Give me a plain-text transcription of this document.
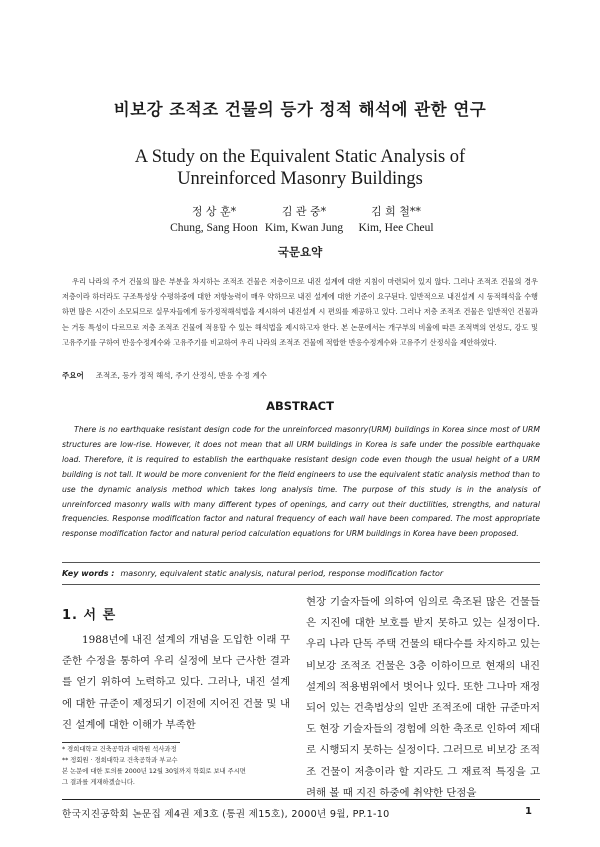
비보강 조적조 건물의 등가 정적 해석에 관한 연구
A Study on the Equivalent Static Analysis of
Unreinforced Masonry Buildings
정 상 훈*
Chung, Sang Hoon
김 관 중*
Kim, Kwan Jung
김 희 철**
Kim, Hee Cheul
국문요약

우리 나라의 주거 건물의 많은 부분을 차지하는 조적조 건물은 저층이므로 내진 설계에 대한 지침이 마련되어 있지 않다. 그러나 조적조 건물의 경우 저층이라 하더라도 구조특성상 수평하중에 대한 저항능력이 매우 약하므로 내진 설계에 대한 기준이 요구된다. 일반적으로 내진설계 시 동적해석을 수행하면 많은 시간이 소모되므로 실무자들에게 등가정적해석법을 제시하여 내진설계 시 편의를 제공하고 있다. 그러나 저층 조적조 건물은 일반적인 건물과는 거동 특성이 다르므로 저층 조적조 건물에 적용할 수 있는 해석법을 제시하고자 한다. 본 논문에서는 개구부의 비율에 따른 조적벽의 연성도, 강도 및 고유주기를 구하여 반응수정계수와 고유주기를 비교하여 우리 나라의 조적조 건물에 적합한 반응수정계수와 고유주기 산정식을 제안하였다.

주요어 조적조, 등가 정적 해석, 주기 산정식, 반응 수정 계수
ABSTRACT

There is no earthquake resistant design code for the unreinforced masonry(URM) buildings in Korea since most of URM structures are low-rise. However, it does not mean that all URM buildings in Korea is safe under the possible earthquake load. Therefore, it is required to establish the earthquake resistant design code even though the usual height of a URM building is not tall. It would be more convenient for the field engineers to use the equivalent static analysis method than to use the dynamic analysis method which takes long analysis time. The purpose of this study is in the analysis of unreinforced masonry walls with many different types of openings, and carry out their ductilities, strengths, and natural frequencies. Response modification factor and natural frequency of each wall have been compared. The most appropriate response modification factor and natural period calculation equations for URM buildings in Korea have been proposed.

Key words : masonry, equivalent static analysis, natural period, response modification factor
1. 서 론

1988년에 내진 설계의 개념을 도입한 이래 꾸준한 수정을 통하여 우리 실정에 보다 근사한 결과를 얻기 위하여 노력하고 있다. 그러나, 내진 설계에 대한 규준이 제정되기 이전에 지어진 건물 및 내진 설계에 대한 이해가 부족한

현장 기술자들에 의하여 임의로 축조된 많은 건물들은 지진에 대한 보호를 받지 못하고 있는 실정이다. 우리 나라 단독 주택 건물의 태다수를 차지하고 있는 비보강 조적조 건물은 3층 이하이므로 현재의 내진 설계의 적용범위에서 벗어나 있다. 또한 그나마 재정되어 있는 건축법상의 일반 조적조에 대한 규준마저도 현장 기술자들의 경험에 의한 축조로 인하여 제대로 시행되지 못하는 실정이다. 그러므로 비보강 조적조 건물이 저층이라 할 지라도 그 재료적 특징을 고려해 볼 때 지진 하중에 취약한 단점을

* 경희대학교 건축공학과 대학원 석사과정
** 정회원 · 경희대학교 건축공학과 부교수
본 논문에 대한 토의를 2000년 12월 30일까지 학회로 보내 주시면
그 결과를 게재하겠습니다.
한국지진공학회 논문집 제4권 제3호 (통권 제15호), 2000년 9월, PP.1-10	1
